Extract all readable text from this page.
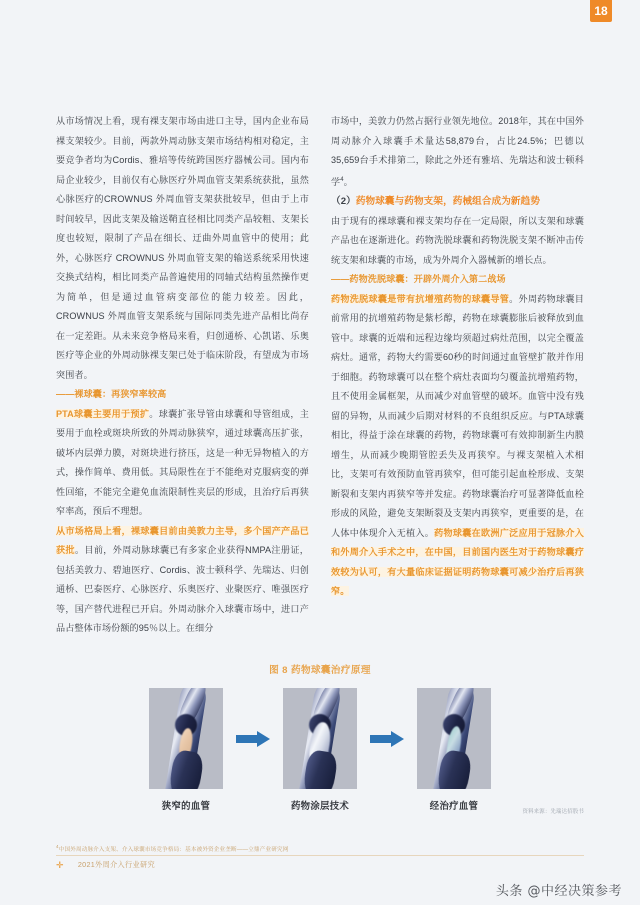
18

从市场情况上看，现有裸支架市场由进口主导，国内企业布局裸支架较少。目前，两款外周动脉支架市场结构相对稳定，主要竞争者均为Cordis、雅培等传统跨国医疗器械公司。国内布局企业较少，目前仅有心脉医疗外周血管支架系统获批，虽然心脉医疗的CROWNUS 外周血管支架获批较早，但由于上市时间较早，因此支架及输送鞘直径相比同类产品较粗、支架长度也较短，限制了产品在细长、迂曲外周血管中的使用；此外，心脉医疗 CROWNUS 外周血管支架的输送系统采用快速交换式结构，相比同类产品普遍使用的同轴式结构虽然操作更为简单，但是通过血管病变部位的能力较差。因此，CROWNUS 外周血管支架系统与国际同类先进产品相比尚存在一定差距。从未来竞争格局来看，归创通桥、心凯诺、乐奥医疗等企业的外周动脉裸支架已处于临床阶段，有望成为市场突围者。

——裸球囊：再狭窄率较高

PTA球囊主要用于预扩。球囊扩张导管由球囊和导管组成，主要用于血栓或斑块所致的外周动脉狭窄，通过球囊高压扩张，破坏内层弹力膜，对斑块进行挤压，这是一种无异物植入的方式，操作简单、费用低。其局限性在于不能绝对克服病变的弹性回缩，不能完全避免血流限制性夹层的形成，且治疗后再狭窄率高，预后不理想。

从市场格局上看，裸球囊目前由美敦力主导，多个国产产品已获批。目前，外周动脉球囊已有多家企业获得NMPA注册证，包括美敦力、碧迪医疗、Cordis、波士顿科学、先瑞达、归创通桥、巴泰医疗、心脉医疗、乐奥医疗、业聚医疗、唯强医疗等，国产替代进程已开启。外周动脉介入球囊市场中，进口产品占整体市场份额的95％以上。在细分

市场中，美敦力仍然占据行业领先地位。2018年，其在中国外周动脉介入球囊手术量达58,879台，占比24.5%；巴德以35,659台手术排第二，除此之外还有雅培、先瑞达和波士顿科学$^4$。

（2）药物球囊与药物支架，药械组合成为新趋势

由于现有的裸球囊和裸支架均存在一定局限，所以支架和球囊产品也在逐渐进化。药物洗脱球囊和药物洗脱支架不断冲击传统支架和球囊的市场，成为外周介入器械新的增长点。

——药物洗脱球囊：开辟外周介入第二战场

药物洗脱球囊是带有抗增殖药物的球囊导管。外周药物球囊目前常用的抗增殖药物是紫杉醇，药物在球囊膨胀后被释放到血管中。球囊的近端和远程边缘均须超过病灶范围，以完全覆盖病灶。通常，药物大约需要60秒的时间通过血管壁扩散并作用于细胞。药物球囊可以在整个病灶表面均匀覆盖抗增殖药物，且不使用金属框架，从而减少对血管壁的破坏。血管中没有残留的异物，从而减少后期对材料的不良组织反应。与PTA球囊相比，得益于涂在球囊的药物，药物球囊可有效抑制新生内膜增生，从而减少晚期管腔丢失及再狭窄。与裸支架植入术相比，支架可有效预防血管再狭窄，但可能引起血栓形成、支架断裂和支架内再狭窄等并发症。药物球囊治疗可显著降低血栓形成的风险，避免支架断裂及支架内再狭窄，更重要的是，在人体中体现介入无植入。药物球囊在欧洲广泛应用于冠脉介入和外周介入手术之中，在中国，目前国内医生对于药物球囊疗效较为认可，有大量临床证据证明药物球囊可减少治疗后再狭窄。

图 8 药物球囊治疗原理
狭窄的血管	药物涂层技术	经治疗血管
资料来源：先瑞达招股书
$^4$中国外周动脉介入支架、介入球囊市场竞争格局：基本被外资企业垄断——立鼎产业研究网
✛ 2021外周介入行业研究
头条 @中经决策参考
